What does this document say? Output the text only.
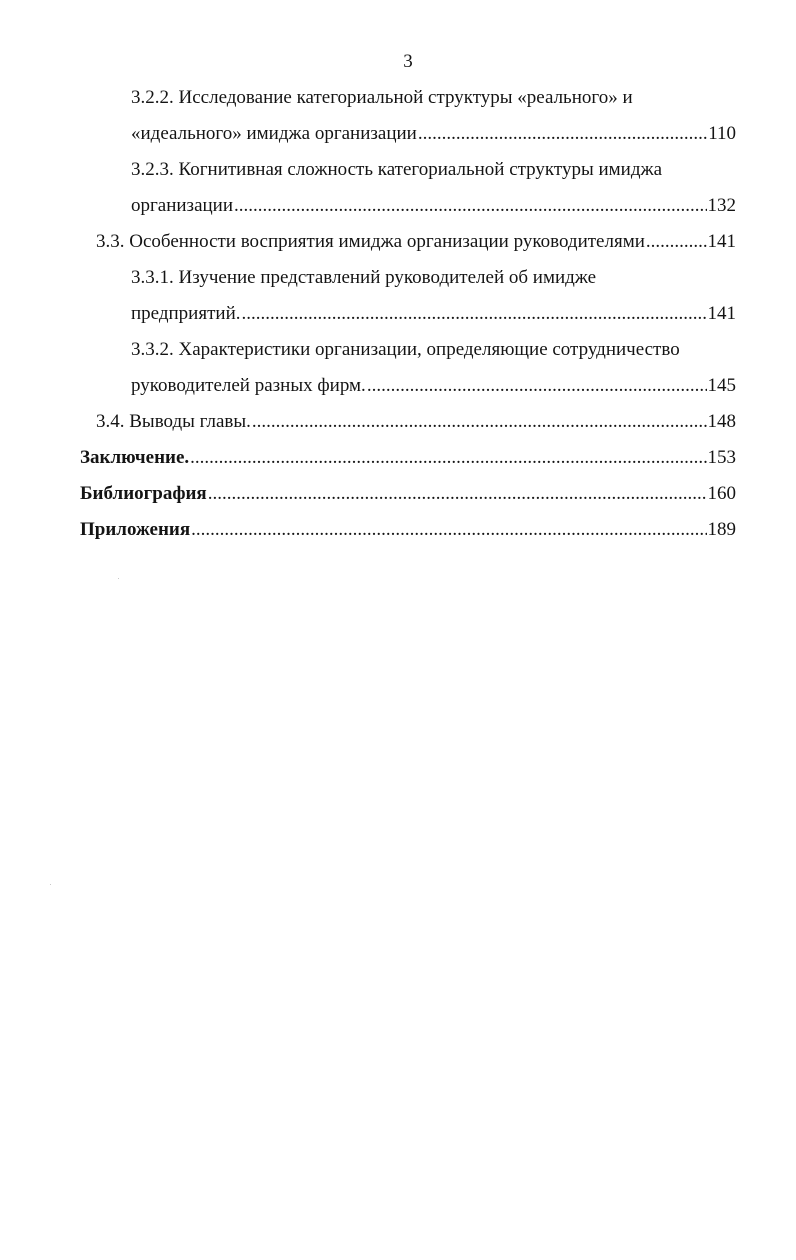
3
3.2.2. Исследование категориальной структуры «реального» и
«идеального» имиджа организации .....	110
3.2.3. Когнитивная сложность категориальной структуры имиджа
организации .....	132
3.3. Особенности восприятия имиджа организации руководителями .....	141
3.3.1. Изучение представлений руководителей об имидже
предприятий. .....	141
3.3.2. Характеристики организации, определяющие сотрудничество
руководителей разных фирм. .....	145
3.4. Выводы главы. .....	148
Заключение. .....	153
Библиография .....	160
Приложения .....	189
